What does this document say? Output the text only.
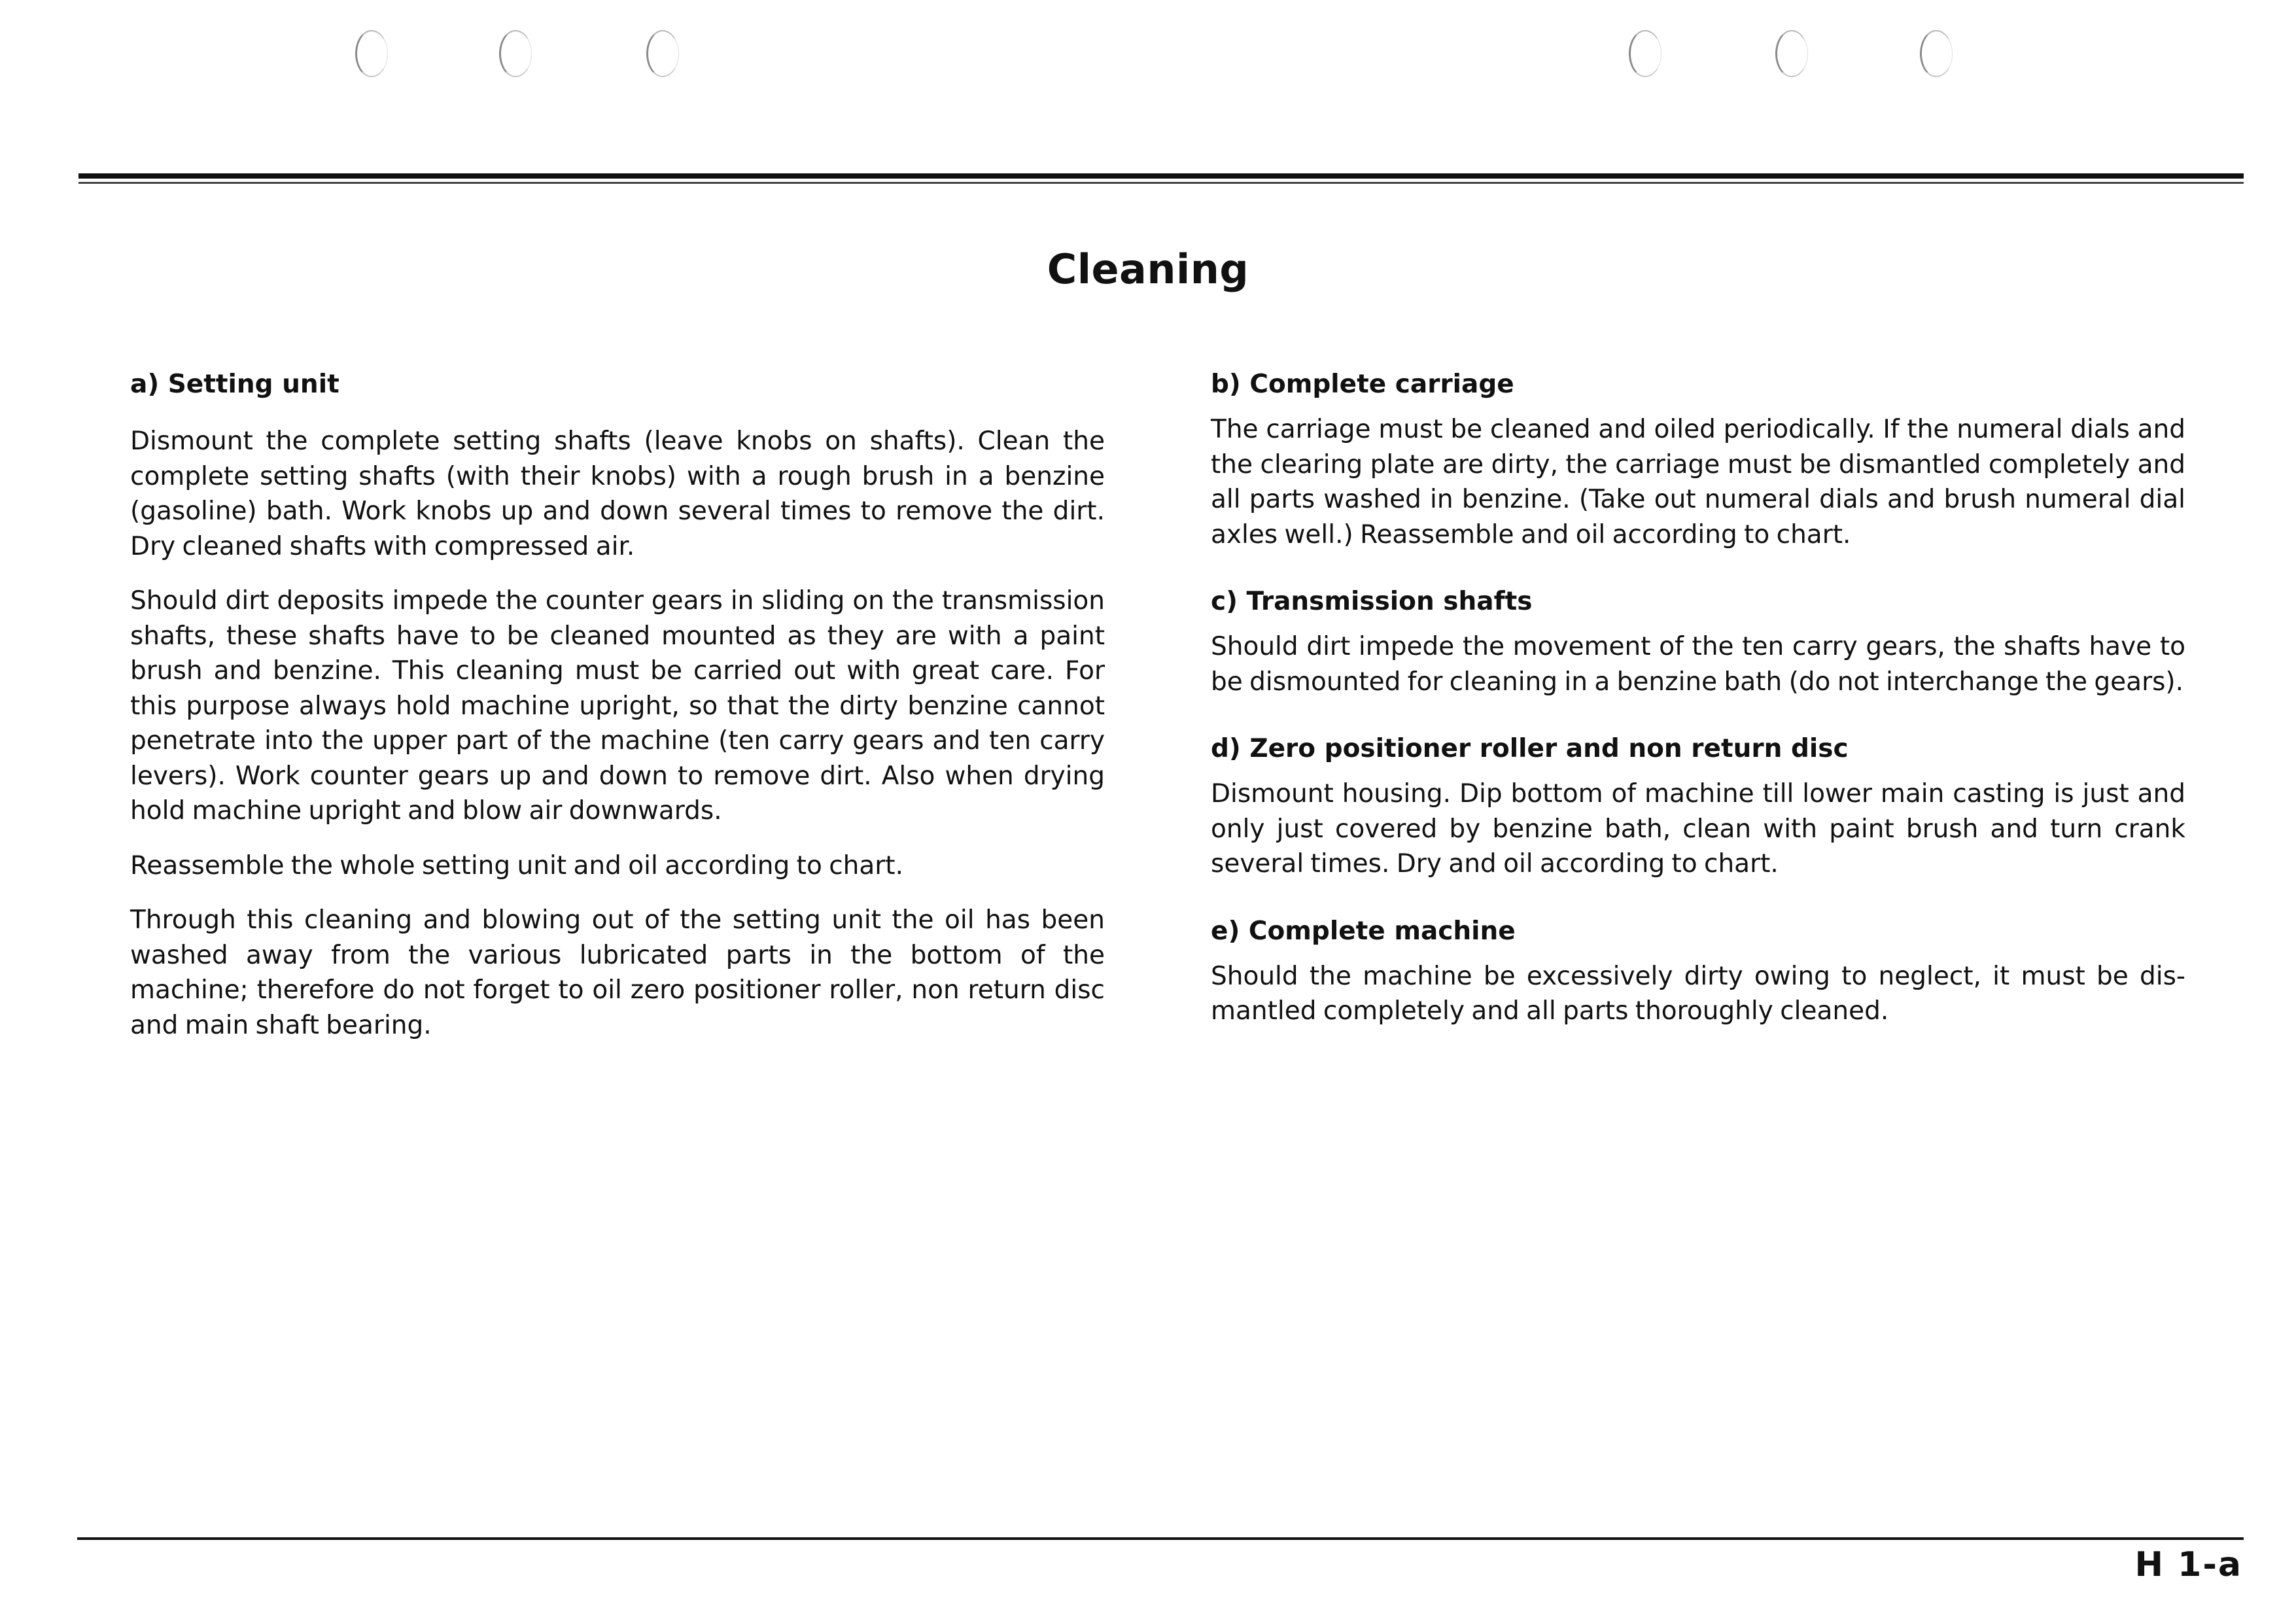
Cleaning
a) Setting unit

Dismount the complete setting shafts (leave knobs on shafts). Clean the complete setting shafts (with their knobs) with a rough brush in a benzine (gasoline) bath. Work knobs up and down several times to remove the dirt. Dry cleaned shafts with compressed air.

Should dirt deposits impede the counter gears in sliding on the transmission shafts, these shafts have to be cleaned mounted as they are with a paint brush and benzine. This cleaning must be carried out with great care. For this purpose always hold machine upright, so that the dirty benzine cannot penetrate into the upper part of the machine (ten carry gears and ten carry levers). Work counter gears up and down to remove dirt. Also when drying hold machine upright and blow air downwards.

Reassemble the whole setting unit and oil according to chart.

Through this cleaning and blowing out of the setting unit the oil has been washed away from the various lubricated parts in the bottom of the machine; therefore do not forget to oil zero positioner roller, non return disc and main shaft bearing.

b) Complete carriage

The carriage must be cleaned and oiled periodically. If the numeral dials and the clearing plate are dirty, the carriage must be dismantled completely and all parts washed in benzine. (Take out numeral dials and brush numeral dial axles well.) Reassemble and oil according to chart.

c) Transmission shafts

Should dirt impede the movement of the ten carry gears, the shafts have to be dismounted for cleaning in a benzine bath (do not interchange the gears).

d) Zero positioner roller and non return disc

Dismount housing. Dip bottom of machine till lower main casting is just and only just covered by benzine bath, clean with paint brush and turn crank several times. Dry and oil according to chart.

e) Complete machine

Should the machine be excessively dirty owing to neglect, it must be dismantled completely and all parts thoroughly cleaned.

H 1-a
